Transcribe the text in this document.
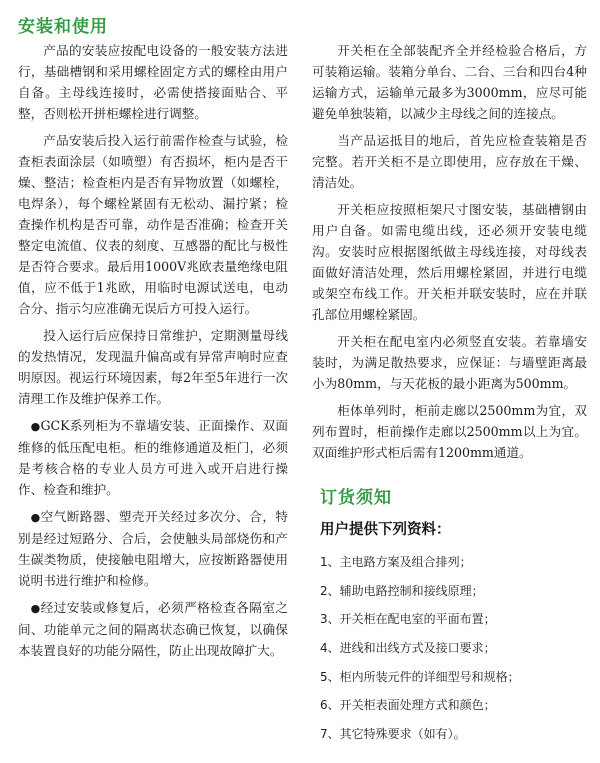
安装和使用

产品的安装应按配电设备的一般安装方法进行，基础槽钢和采用螺栓固定方式的螺栓由用户自备。主母线连接时，必需使搭接面贴合、平整，否则松开拼柜螺栓进行调整。

产品安装后投入运行前需作检查与试验，检查柜表面涂层（如喷塑）有否损坏，柜内是否干燥、整洁；检查柜内是否有异物放置（如螺栓，电焊条），每个螺栓紧固有无松动、漏拧紧；检查操作机构是否可靠，动作是否准确；检查开关整定电流值、仪表的刻度、互感器的配比与极性是否符合要求。最后用1000V兆欧表量绝缘电阻值，应不低于1兆欧，用临时电源试送电，电动合分、指示匀应准确无误后方可投入运行。

投入运行后应保持日常维护，定期测量母线的发热情况，发现温升偏高或有异常声响时应查明原因。视运行环境因素，每2年至5年进行一次清理工作及维护保养工作。

●GCK系列柜为不靠墙安装、正面操作、双面维修的低压配电柜。柜的维修通道及柜门，必须是考核合格的专业人员方可进入或开启进行操作、检查和维护。

●空气断路器、塑壳开关经过多次分、合，特别是经过短路分、合后，会使触头局部烧伤和产生碳类物质，使接触电阻增大，应按断路器使用说明书进行维护和检修。

●经过安装或修复后，必须严格检查各隔室之间、功能单元之间的隔离状态确已恢复，以确保本装置良好的功能分隔性，防止出现故障扩大。

开关柜在全部装配齐全并经检验合格后，方可装箱运输。装箱分单台、二台、三台和四台4种运输方式，运输单元最多为3000mm，应尽可能避免单独装箱，以减少主母线之间的连接点。

当产品运抵目的地后，首先应检查装箱是否完整。若开关柜不是立即使用，应存放在干燥、清洁处。

开关柜应按照柜架尺寸图安装，基础槽钢由用户自备。如需电缆出线，还必须开安装电缆沟。安装时应根据图纸做主母线连接，对母线表面做好清洁处理，然后用螺栓紧固，并进行电缆或架空布线工作。开关柜并联安装时，应在并联孔部位用螺栓紧固。

开关柜在配电室内必须竖直安装。若靠墙安装时，为满足散热要求，应保证：与墙壁距离最小为80mm，与天花板的最小距离为500mm。

柜体单列时，柜前走廊以2500mm为宜，双列布置时，柜前操作走廊以2500mm以上为宜。双面维护形式柜后需有1200mm通道。

订货须知
用户提供下列资料：
1、主电路方案及组合排列；
2、辅助电路控制和接线原理；
3、开关柜在配电室的平面布置；
4、进线和出线方式及接口要求；
5、柜内所装元件的详细型号和规格；
6、开关柜表面处理方式和颜色；
7、其它特殊要求（如有）。
